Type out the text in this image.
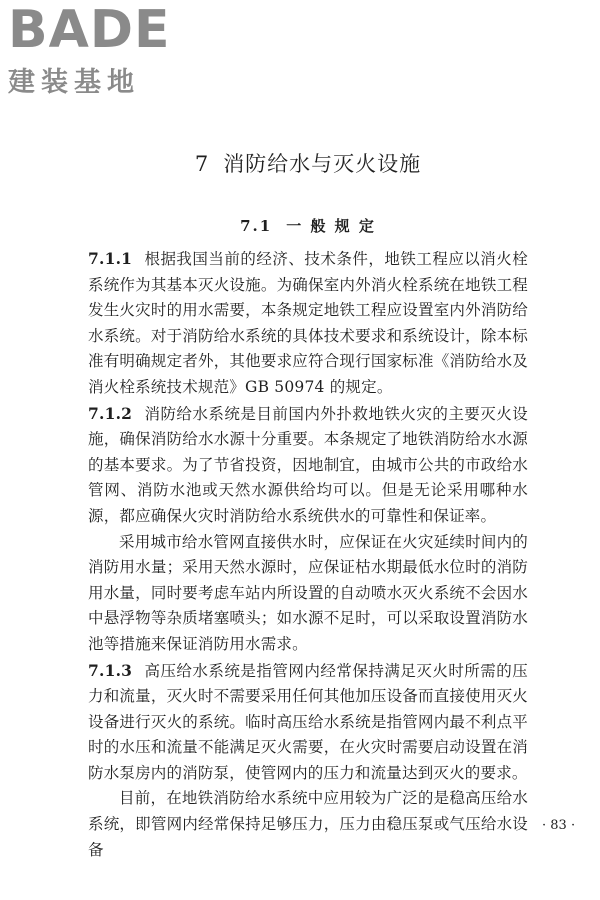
BADE
建装基地
7 消防给水与灭火设施
7.1 一 般 规 定

7.1.1 根据我国当前的经济、技术条件，地铁工程应以消火栓系统作为其基本灭火设施。为确保室内外消火栓系统在地铁工程发生火灾时的用水需要，本条规定地铁工程应设置室内外消防给水系统。对于消防给水系统的具体技术要求和系统设计，除本标准有明确规定者外，其他要求应符合现行国家标准《消防给水及消火栓系统技术规范》GB 50974 的规定。

7.1.2 消防给水系统是目前国内外扑救地铁火灾的主要灭火设施，确保消防给水水源十分重要。本条规定了地铁消防给水水源的基本要求。为了节省投资，因地制宜，由城市公共的市政给水管网、消防水池或天然水源供给均可以。但是无论采用哪种水源，都应确保火灾时消防给水系统供水的可靠性和保证率。

采用城市给水管网直接供水时，应保证在火灾延续时间内的消防用水量；采用天然水源时，应保证枯水期最低水位时的消防用水量，同时要考虑车站内所设置的自动喷水灭火系统不会因水中悬浮物等杂质堵塞喷头；如水源不足时，可以采取设置消防水池等措施来保证消防用水需求。

7.1.3 高压给水系统是指管网内经常保持满足灭火时所需的压力和流量，灭火时不需要采用任何其他加压设备而直接使用灭火设备进行灭火的系统。临时高压给水系统是指管网内最不利点平时的水压和流量不能满足灭火需要，在火灾时需要启动设置在消防水泵房内的消防泵，使管网内的压力和流量达到灭火的要求。

目前，在地铁消防给水系统中应用较为广泛的是稳高压给水系统，即管网内经常保持足够压力，压力由稳压泵或气压给水设备

· 83 ·
